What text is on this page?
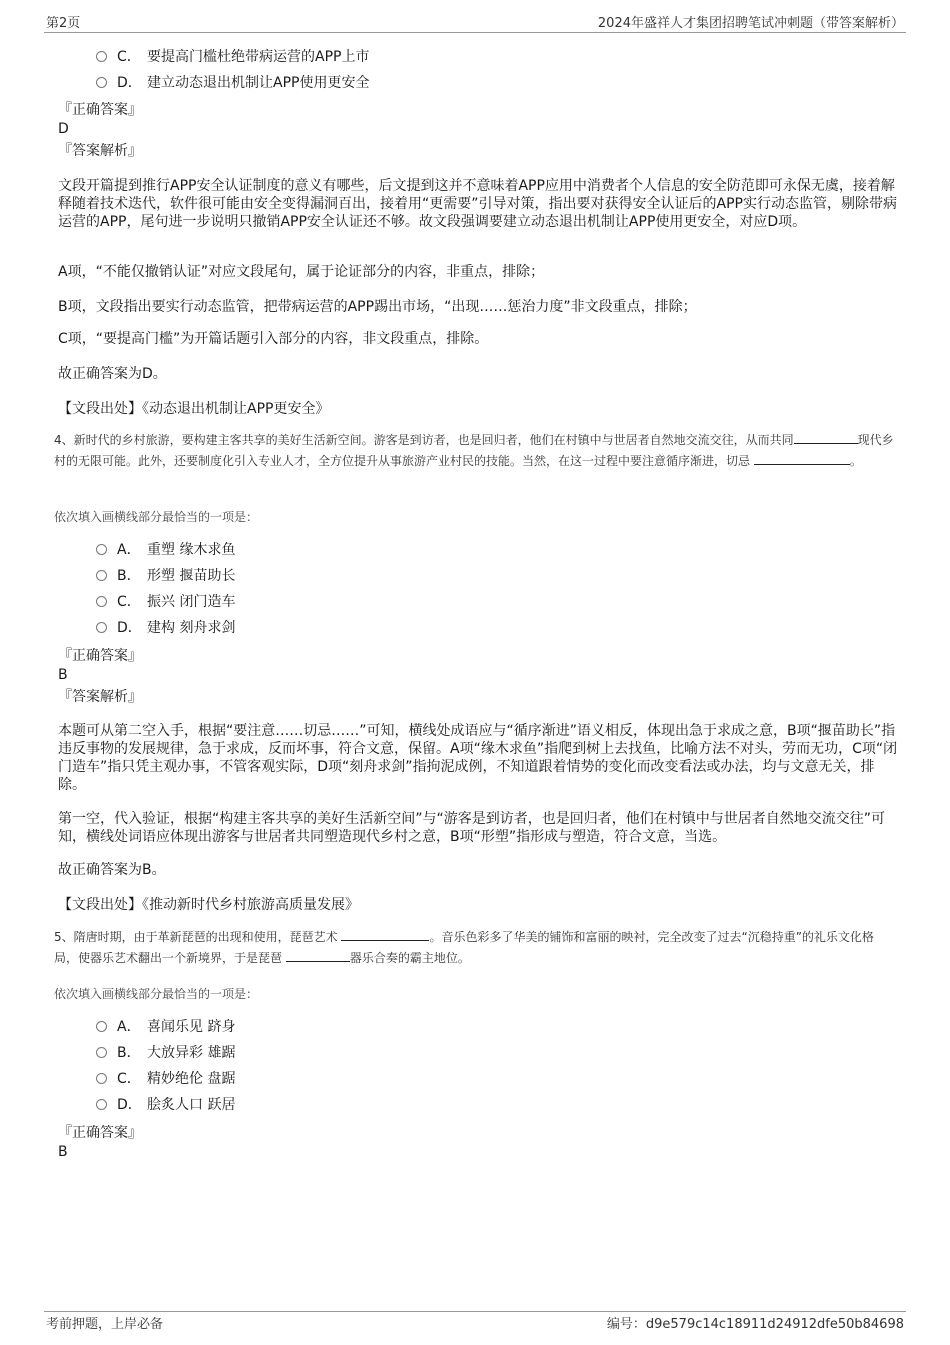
第2页	2024年盛祥人才集团招聘笔试冲刺题（带答案解析）
C． 要提高门槛杜绝带病运营的APP上市
D． 建立动态退出机制让APP使用更安全
『正确答案』
D
『答案解析』
文段开篇提到推行APP安全认证制度的意义有哪些，后文提到这并不意味着APP应用中消费者个人信息的安全防范即可永保无虞，接着解释随着技术迭代，软件很可能由安全变得漏洞百出，接着用“更需要”引导对策，指出要对获得安全认证后的APP实行动态监管，剔除带病运营的APP，尾句进一步说明只撤销APP安全认证还不够。故文段强调要建立动态退出机制让APP使用更安全，对应D项。
A项，“不能仅撤销认证”对应文段尾句，属于论证部分的内容，非重点，排除；
B项，文段指出要实行动态监管，把带病运营的APP踢出市场，“出现……惩治力度”非文段重点，排除；
C项，“要提高门槛”为开篇话题引入部分的内容，非文段重点，排除。
故正确答案为D。
【文段出处】《动态退出机制让APP更安全》
4、新时代的乡村旅游，要构建主客共享的美好生活新空间。游客是到访者，也是回归者，他们在村镇中与世居者自然地交流交往，从而共同	现代乡村的无限可能。此外，还要制度化引入专业人才，全方位提升从事旅游产业村民的技能。当然，在这一过程中要注意循序渐进，切忌	。
依次填入画横线部分最恰当的一项是：
A． 重塑 缘木求鱼
B． 形塑 揠苗助长
C． 振兴 闭门造车
D． 建构 刻舟求剑
『正确答案』
B
『答案解析』
本题可从第二空入手，根据“要注意……切忌……”可知，横线处成语应与“循序渐进”语义相反，体现出急于求成之意，B项“揠苗助长”指违反事物的发展规律，急于求成，反而坏事，符合文意，保留。A项“缘木求鱼”指爬到树上去找鱼，比喻方法不对头，劳而无功，C项“闭门造车”指只凭主观办事，不管客观实际，D项“刻舟求剑”指拘泥成例，不知道跟着情势的变化而改变看法或办法，均与文意无关，排除。
第一空，代入验证，根据“构建主客共享的美好生活新空间”与“游客是到访者，也是回归者，他们在村镇中与世居者自然地交流交往”可知，横线处词语应体现出游客与世居者共同塑造现代乡村之意，B项“形塑”指形成与塑造，符合文意，当选。
故正确答案为B。
【文段出处】《推动新时代乡村旅游高质量发展》
5、隋唐时期，由于革新琵琶的出现和使用，琵琶艺术	。音乐色彩多了华美的铺饰和富丽的映衬，完全改变了过去“沉稳持重”的礼乐文化格局，使器乐艺术翻出一个新境界，于是琵琶	器乐合奏的霸主地位。
依次填入画横线部分最恰当的一项是：
A． 喜闻乐见 跻身
B． 大放异彩 雄踞
C． 精妙绝伦 盘踞
D． 脍炙人口 跃居
『正确答案』
B
考前押题，上岸必备	编号：d9e579c14c18911d24912dfe50b84698
